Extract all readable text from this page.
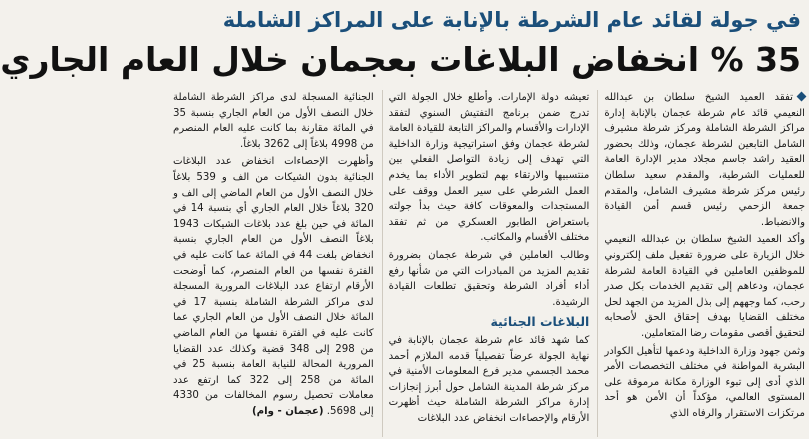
في جولة لقائد عام الشرطة بالإنابة على المراكز الشاملة
35 % انخفاض البلاغات بعجمان خلال العام الجاري

تفقد العميد الشيخ سلطان بن عبدالله النعيمي قائد عام شرطة عجمان بالإنابة إدارة مراكز الشرطة الشاملة ومركز شرطة مشيرف الشامل التابعين لشرطة عجمان، وذلك بحضور العقيد راشد جاسم مجلاد مدير الإدارة العامة للعمليات الشرطية، والمقدم سعيد سلطان رئيس مركز شرطة مشيرف الشامل، والمقدم جمعة الزحمي رئيس قسم أمن القيادة والانضباط.

وأكد العميد الشيخ سلطان بن عبدالله النعيمي خلال الزيارة على ضرورة تفعيل ملف إلكتروني للموظفين العاملين في القيادة العامة لشرطة عجمان، ودعاهم إلى تقديم الخدمات بكل صدر رحب، كما وجههم إلى بذل المزيد من الجهد لحل مختلف القضايا بهدف إحقاق الحق لأصحابه لتحقيق أقصى مقومات رضا المتعاملين.

وثمن جهود وزارة الداخلية ودعمها لتأهيل الكوادر البشرية المواطنة في مختلف التخصصات الأمر الذي أدى إلى تبوء الوزارة مكانة مرموقة على المستوى العالمي، مؤكداً أن الأمن هو أحد مرتكزات الاستقرار والرفاه الذي

تعيشه دولة الإمارات. وأطلع خلال الجولة التي تدرج ضمن برنامج التفتيش السنوي لتفقد الإدارات والأقسام والمراكز التابعة للقيادة العامة لشرطة عجمان وفق استراتيجية وزارة الداخلية التي تهدف إلى زيادة التواصل الفعلي بين منتسبيها والارتقاء بهم لتطوير الأداء بما يخدم العمل الشرطي على سير العمل ووقف على المستجدات والمعوقات كافة حيث بدأ جولته باستعراض الطابور العسكري من ثم تفقد مختلف الأقسام والمكاتب.

وطالب العاملين في شرطة عجمان بضرورة تقديم المزيد من المبادرات التي من شأنها رفع أداء أفراد الشرطة وتحقيق تطلعات القيادة الرشيدة.

البلاغات الجنائية

كما شهد قائد عام شرطة عجمان بالإنابة في نهاية الجولة عرضاً تفصيلياً قدمه الملازم أحمد محمد الجسمي مدير فرع المعلومات الأمنية في مركز شرطة المدينة الشامل حول أبرز إنجازات إدارة مراكز الشرطة الشاملة حيث أظهرت الأرقام والإحصاءات انخفاض عدد البلاغات

الجنائية المسجلة لدى مراكز الشرطة الشاملة خلال النصف الأول من العام الجاري بنسبة 35 في المائة مقارنة بما كانت عليه العام المنصرم من 4998 بلاغاً إلى 3262 بلاغاً.

وأظهرت الإحصاءات انخفاض عدد البلاغات الجنائية بدون الشيكات من الف و 539 بلاغاً خلال النصف الأول من العام الماضي إلى الف و 320 بلاغاً خلال العام الجاري أي بنسبة 14 في المائة في حين بلغ عدد بلاغات الشيكات 1943 بلاغاً النصف الأول من العام الجاري بنسبة انخفاض بلغت 44 في المائة عما كانت عليه في الفترة نفسها من العام المنصرم، كما أوضحت الأرقام ارتفاع عدد البلاغات المرورية المسجلة لدى مراكز الشرطة الشاملة بنسبة 17 في المائة خلال النصف الأول من العام الجاري عما كانت عليه في الفترة نفسها من العام الماضي من 298 إلى 348 قضية وكذلك عدد القضايا المرورية المحالة للنيابة العامة بنسبة 25 في المائة من 258 إلى 322 كما ارتفع عدد معاملات تحصيل رسوم المخالفات من 4330 إلى 5698. (عجمان - وام)
